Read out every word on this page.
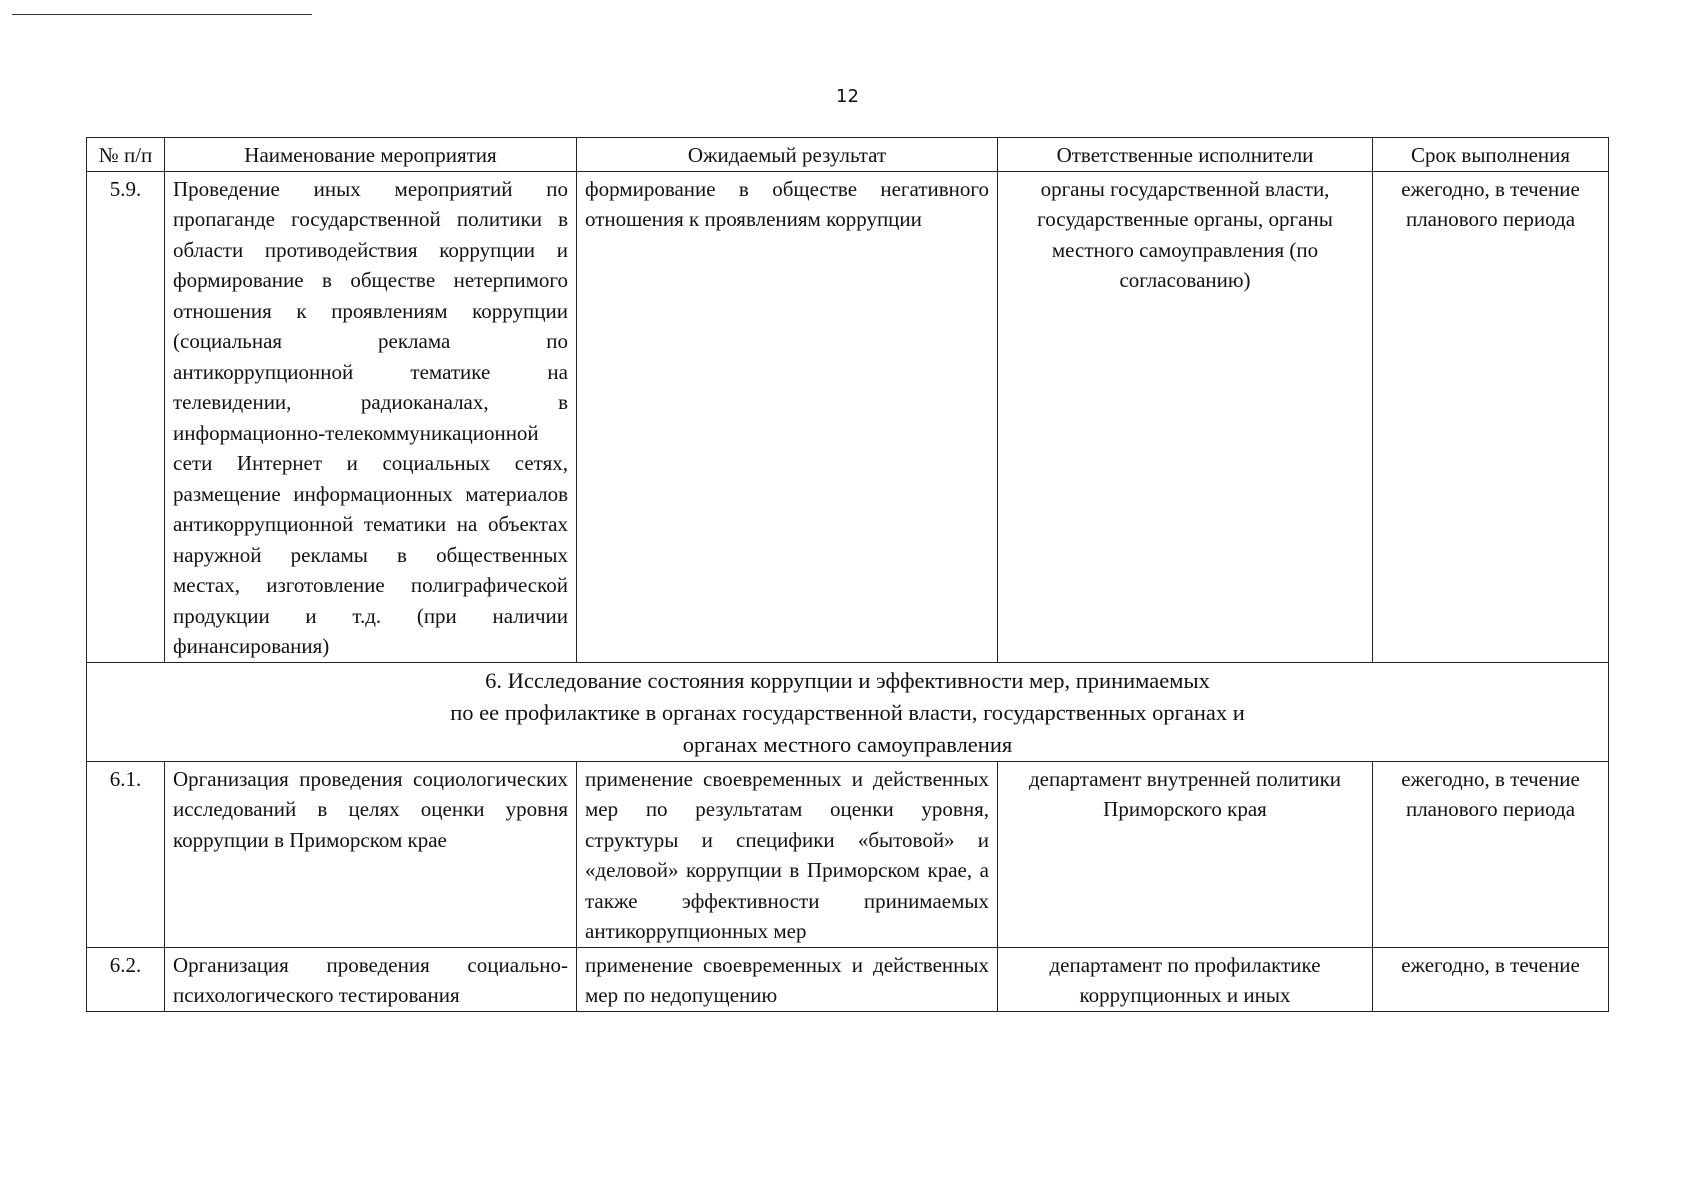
12
№ п/п	Наименование мероприятия	Ожидаемый результат	Ответственные исполнители	Срок выполнения
5.9.	Проведение иных мероприятий по пропаганде государственной политики в области противодействия коррупции и формирование в обществе нетерпимого отношения к проявлениям коррупции (социальная реклама по антикоррупционной тематике на телевидении, радиоканалах, в информационно-телекоммуникационной сети Интернет и социальных сетях, размещение информационных материалов антикоррупционной тематики на объектах наружной рекламы в общественных местах, изготовление полиграфической продукции и т.д. (при наличии финансирования)	формирование в обществе негативного отношения к проявлениям коррупции	органы государственной власти, государственные органы, органы местного самоуправления (по согласованию)	ежегодно, в течение планового периода

6. Исследование состояния коррупции и эффективности мер, принимаемых
по ее профилактике в органах государственной власти, государственных органах и
органах местного самоуправления				

6.1.	Организация проведения социологических исследований в целях оценки уровня коррупции в Приморском крае	применение своевременных и действенных мер по результатам оценки уровня, структуры и специфики «бытовой» и «деловой» коррупции в Приморском крае, а также эффективности принимаемых антикоррупционных мер	департамент внутренней политики Приморского края	ежегодно, в течение планового периода
6.2.	Организация проведения социально-психологического тестирования	применение своевременных и действенных мер по недопущению	департамент по профилактике коррупционных и иных	ежегодно, в течение
